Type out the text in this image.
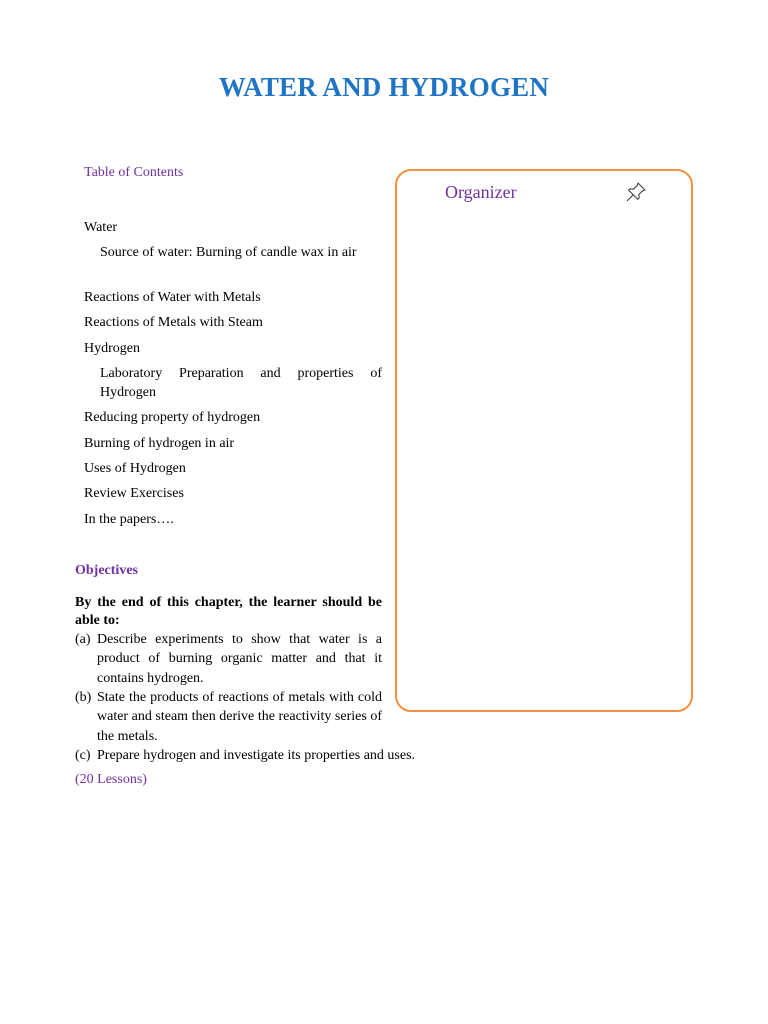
WATER AND HYDROGEN
Table of Contents
Water
Source of water: Burning of candle wax in air
Reactions of Water with Metals
Reactions of Metals with Steam
Hydrogen
Laboratory Preparation and properties of Hydrogen
Reducing property of hydrogen
Burning of hydrogen in air
Uses of Hydrogen
Review Exercises
In the papers….
Organizer
Objectives
By the end of this chapter, the learner should be able to:
(a) Describe experiments to show that water is a product of burning organic matter and that it contains hydrogen.
(b) State the products of reactions of metals with cold water and steam then derive the reactivity series of the metals.
(c) Prepare hydrogen and investigate its properties and uses.
(20 Lessons)
